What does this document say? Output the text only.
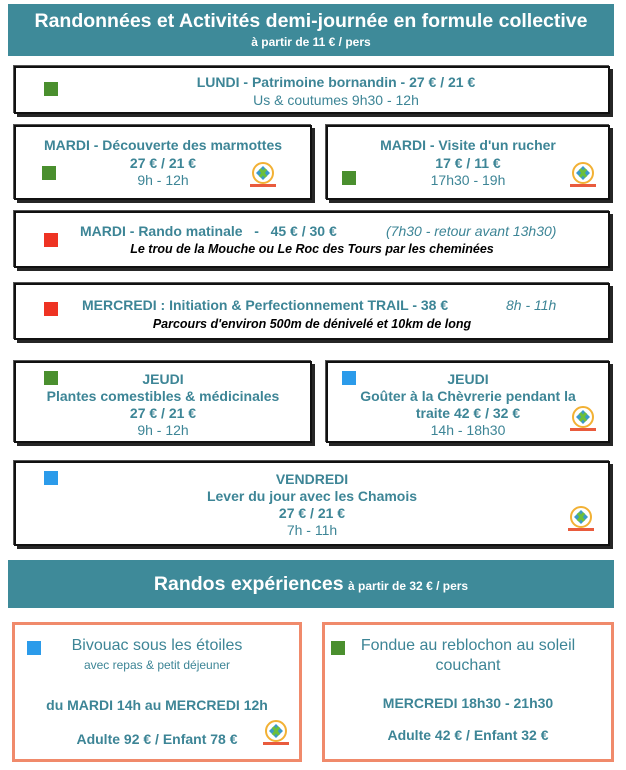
Randonnées et Activités demi-journée en formule collective
à partir de 11 € / pers
LUNDI - Patrimoine bornandin - 27 € / 21 €
Us & coutumes 9h30 - 12h
MARDI - Découverte des marmottes
27 € / 21 €
9h - 12h
MARDI - Visite d'un rucher
17 € / 11 €
17h30 - 19h
MARDI - Rando matinale   -   45 € / 30 €	(7h30 - retour avant 13h30)
Le trou de la Mouche ou Le Roc des Tours par les cheminées
MERCREDI : Initiation & Perfectionnement TRAIL - 38 €	8h - 11h
Parcours d'environ 500m de dénivelé et 10km de long
JEUDI
Plantes comestibles & médicinales
27 € / 21 €
9h - 12h
JEUDI
Goûter à la Chèvrerie pendant la
traite 42 € / 32 €
14h - 18h30
VENDREDI
Lever du jour avec les Chamois
27 € / 21 €
7h - 11h
Randos expériences à partir de 32 € / pers
Bivouac sous les étoiles
avec repas & petit déjeuner
du MARDI 14h au MERCREDI 12h
Adulte 92 € / Enfant 78 €
Fondue au reblochon au soleil
couchant
MERCREDI 18h30 - 21h30
Adulte 42 € / Enfant 32 €
